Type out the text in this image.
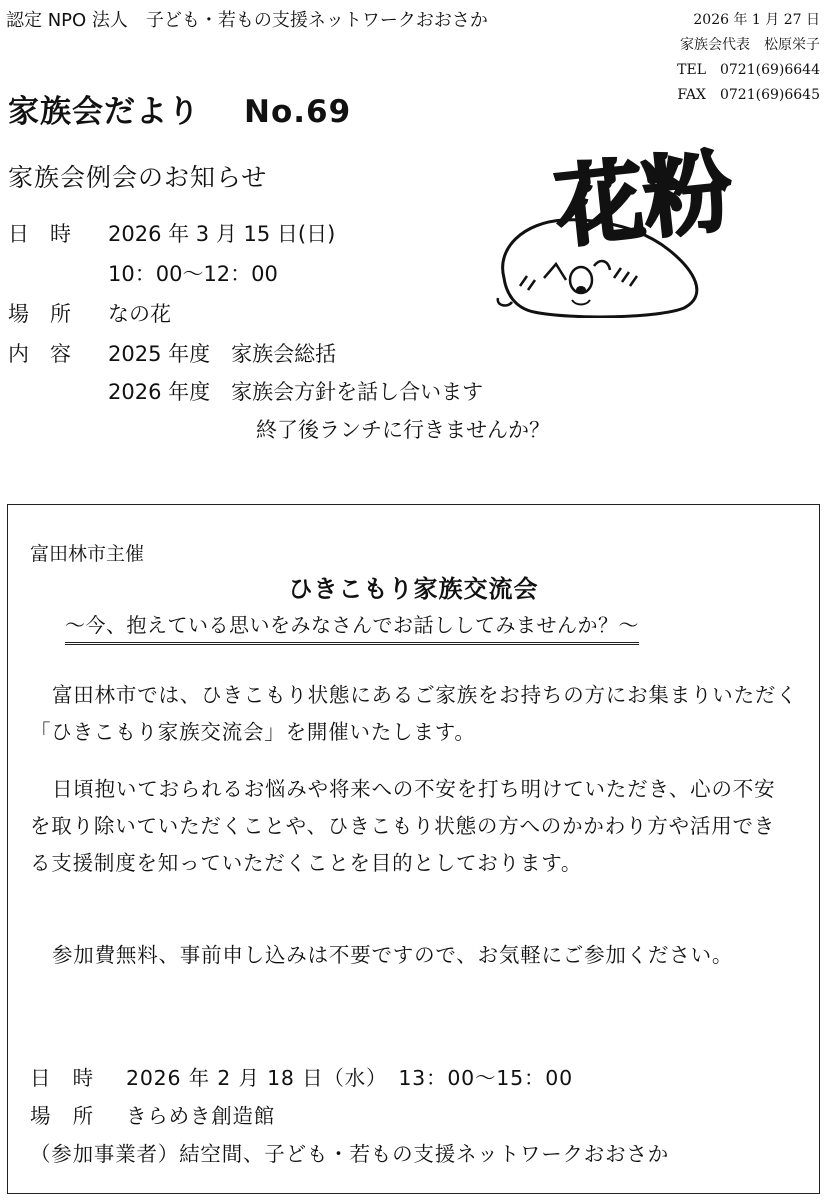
認定 NPO 法人　子ども・若もの支援ネットワークおおさか	2026 年 1 月 27 日
家族会代表　松原栄子
TEL　0721(69)6644
FAX　0721(69)6645
家族会だより No.69
家族会例会のお知らせ
日　時 2026 年 3 月 15 日(日)
10：00～12：00
場　所 なの花
内　容 2025 年度　家族会総括
2026 年度　家族会方針を話し合います
終了後ランチに行きませんか？
花粉
富田林市主催
ひきこもり家族交流会
～今、抱えている思いをみなさんでお話ししてみませんか？～
富田林市では、ひきこもり状態にあるご家族をお持ちの方にお集まりいただく「ひきこもり家族交流会」を開催いたします。
日頃抱いておられるお悩みや将来への不安を打ち明けていただき、心の不安を取り除いていただくことや、ひきこもり状態の方へのかかわり方や活用できる支援制度を知っていただくことを目的としております。
参加費無料、事前申し込みは不要ですので、お気軽にご参加ください。
日　時 2026 年 2 月 18 日（水）　13：00～15：00
場　所 きらめき創造館
（参加事業者）結空間、子ども・若もの支援ネットワークおおさか
